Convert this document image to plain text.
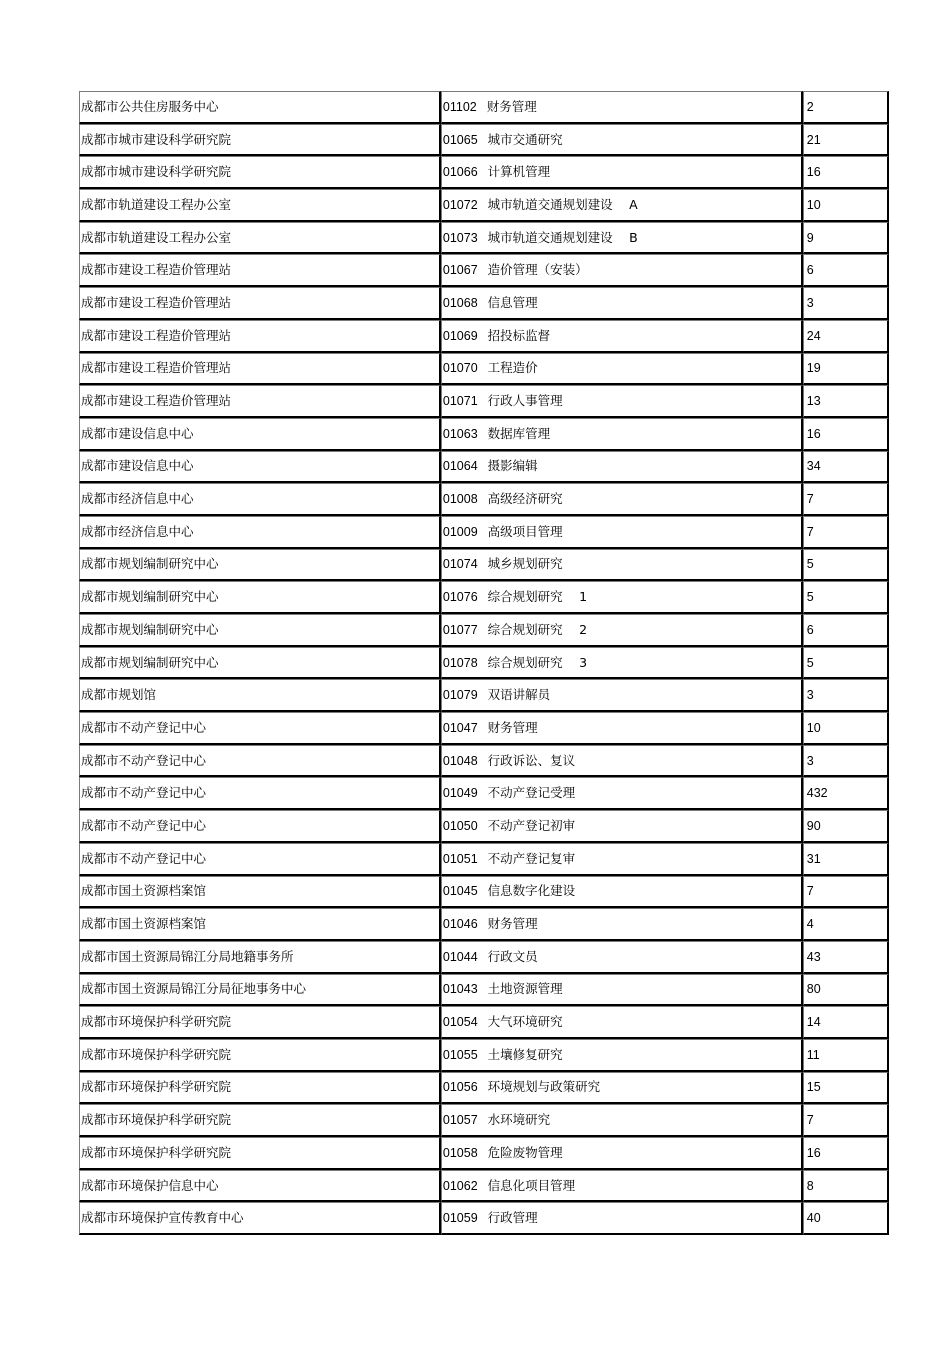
成都市公共住房服务中心	01102 财务管理	2
成都市城市建设科学研究院	01065 城市交通研究	21
成都市城市建设科学研究院	01066 计算机管理	16
成都市轨道建设工程办公室	01072 城市轨道交通规划建设　 A	10
成都市轨道建设工程办公室	01073 城市轨道交通规划建设　 B	9
成都市建设工程造价管理站	01067 造价管理（安装）	6
成都市建设工程造价管理站	01068 信息管理	3
成都市建设工程造价管理站	01069 招投标监督	24
成都市建设工程造价管理站	01070 工程造价	19
成都市建设工程造价管理站	01071 行政人事管理	13
成都市建设信息中心	01063 数据库管理	16
成都市建设信息中心	01064 摄影编辑	34
成都市经济信息中心	01008 高级经济研究	7
成都市经济信息中心	01009 高级项目管理	7
成都市规划编制研究中心	01074 城乡规划研究	5
成都市规划编制研究中心	01076 综合规划研究　 1	5
成都市规划编制研究中心	01077 综合规划研究　 2	6
成都市规划编制研究中心	01078 综合规划研究　 3	5
成都市规划馆	01079 双语讲解员	3
成都市不动产登记中心	01047 财务管理	10
成都市不动产登记中心	01048 行政诉讼、复议	3
成都市不动产登记中心	01049 不动产登记受理	432
成都市不动产登记中心	01050 不动产登记初审	90
成都市不动产登记中心	01051 不动产登记复审	31
成都市国土资源档案馆	01045 信息数字化建设	7
成都市国土资源档案馆	01046 财务管理	4
成都市国土资源局锦江分局地籍事务所	01044 行政文员	43
成都市国土资源局锦江分局征地事务中心	01043 土地资源管理	80
成都市环境保护科学研究院	01054 大气环境研究	14
成都市环境保护科学研究院	01055 土壤修复研究	11
成都市环境保护科学研究院	01056 环境规划与政策研究	15
成都市环境保护科学研究院	01057 水环境研究	7
成都市环境保护科学研究院	01058 危险废物管理	16
成都市环境保护信息中心	01062 信息化项目管理	8
成都市环境保护宣传教育中心	01059 行政管理	40
